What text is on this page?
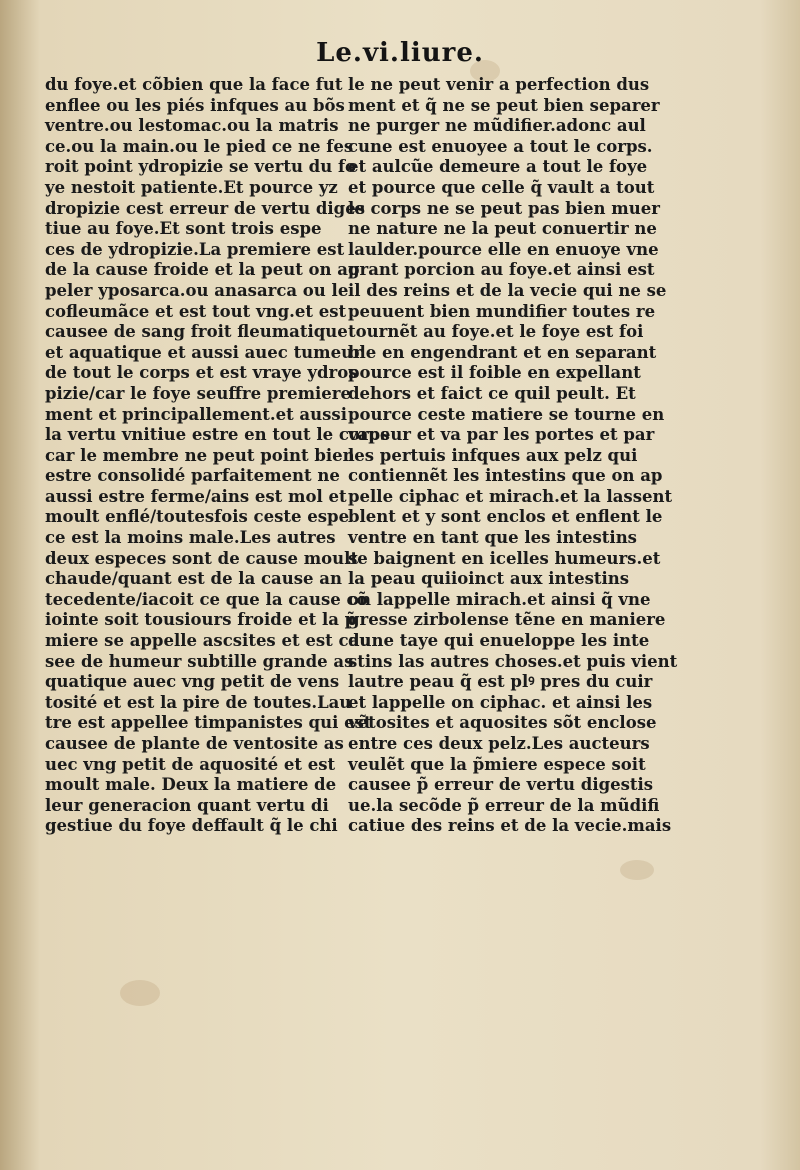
Le.vi.liure.
du foye.et cõbien que la face fut
enflee ou les piés infques au bõs
ventre.ou lestomac.ou la matris
ce.ou la main.ou le pied ce ne fes
roit point ydropizie se vertu du fo
ye nestoit patiente.Et pource yz
dropizie cest erreur de vertu diges
tiue au foye.Et sont trois espe
ces de ydropizie.La premiere est
de la cause froide et la peut on ap
peler yposarca.ou anasarca ou le
cofleumãce et est tout vng.et est
causee de sang froit fleumatique
et aquatique et aussi auec tumeur
de tout le corps et est vraye ydros
pizie/car le foye seuffre premiere
ment et principallement.et aussi
la vertu vnitiue estre en tout le corps
car le membre ne peut point bien
estre consolidé parfaitement ne
aussi estre ferme/ains est mol et
moult enflé/toutesfois ceste espe
ce est la moins male.Les autres
deux especes sont de cause moult
chaude/quant est de la cause an
tecedente/iacoit ce que la cause cõ
iointe soit tousiours froide et la p̃
miere se appelle ascsites et est cau
see de humeur subtille grande as
quatique auec vng petit de vens
tosité et est la pire de toutes.Lau
tre est appellee timpanistes qui est
causee de plante de ventosite as
uec vng petit de aquosité et est
moult male. Deux la matiere de
leur generacion quant vertu di
gestiue du foye deffault q̃ le chi
le ne peut venir a perfection dus
ment et q̃ ne se peut bien separer
ne purger ne mũdifier.adonc aul
cune est enuoyee a tout le corps.
et aulcũe demeure a tout le foye
et pource que celle q̃ vault a tout
le corps ne se peut pas bien muer
ne nature ne la peut conuertir ne
laulder.pource elle en enuoye vne
grant porcion au foye.et ainsi est
il des reins et de la vecie qui ne se
peuuent bien mundifier toutes re
tournẽt au foye.et le foye est foi
ble en engendrant et en separant
pource est il foible en expellant
dehors et faict ce quil peult. Et
pource ceste matiere se tourne en
vapeur et va par les portes et par
les pertuis infques aux pelz qui
contiennẽt les intestins que on ap
pelle ciphac et mirach.et la lassent
blent et y sont enclos et enflent le
ventre en tant que les intestins
se baignent en icelles humeurs.et
la peau quiioinct aux intestins
on lappelle mirach.et ainsi q̃ vne
gresse zirbolense tẽne en maniere
dune taye qui enueloppe les inte
stins las autres choses.et puis vient
lautre peau q̃ est plꝰ pres du cuir
et lappelle on ciphac. et ainsi les
vẽtosites et aquosites sõt enclose
entre ces deux pelz.Les aucteurs
veulẽt que la p̃miere espece soit
causee p̃ erreur de vertu digestis
ue.la secõde p̃ erreur de la mũdifi
catiue des reins et de la vecie.mais
